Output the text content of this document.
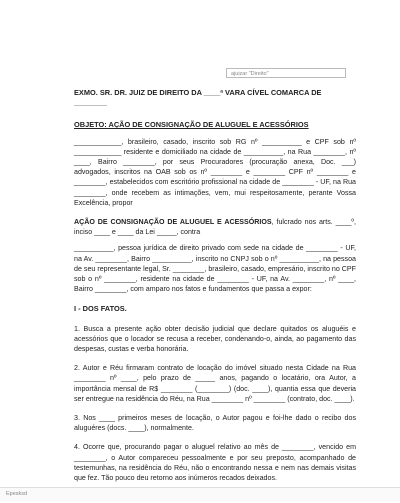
ajuizar "Direito"

EXMO. SR. DR. JUIZ DE DIREITO DA ____ª VARA CÍVEL COMARCA DE ________

OBJETO: AÇÃO DE CONSIGNAÇÃO DE ALUGUEL E ACESSÓRIOS

____________, brasileiro, casado, inscrito sob RG nº __________ e CPF sob nº ____________ residente e domiciliado na cidade de __________, na Rua ________, nº ____, Bairro ________, por seus Procuradores (procuração anexa, Doc. ___) advogados, inscritos na OAB sob os nº ________ e ________ CPF nº ________ e ________, estabelecidos com escritório profissional na cidade de ________ - UF, na Rua ________, onde recebem as intimações, vem, mui respeitosamente, perante Vossa Excelência, propor

AÇÃO DE CONSIGNAÇÃO DE ALUGUEL E ACESSÓRIOS, fulcrado nos arts. ____º, inciso ____ e ____ da Lei _____, contra

__________, pessoa jurídica de direito privado com sede na cidade de ________ - UF, na Av. ________, Bairro __________, inscrito no CNPJ sob o nº __________, na pessoa de seu representante legal, Sr. ________, brasileiro, casado, empresário, inscrito no CPF sob o nº ________, residente na cidade de ________ - UF, na Av. ________, nº ____, Bairro ________, com amparo nos fatos e fundamentos que passa a expor:

I - DOS FATOS.

1. Busca a presente ação obter decisão judicial que declare quitados os aluguéis e acessórios que o locador se recusa a receber, condenando-o, ainda, ao pagamento das despesas, custas e verba honorária.

2. Autor e Réu firmaram contrato de locação do imóvel situado nesta Cidade na Rua ________ nº ____, pelo prazo de _____ anos, pagando o locatário, ora Autor, a importância mensal de R$ ________ (________) (doc. ____), quantia essa que deveria ser entregue na residência do Réu, na Rua ________ nº ________ (contrato, doc. ____).

3. Nos ____ primeiros meses de locação, o Autor pagou e foi-lhe dado o recibo dos aluguéres (docs. ____), normalmente.

4. Ocorre que, procurando pagar o aluguel relativo ao mês de ________, vencido em ________, o Autor compareceu pessoalmente e por seu preposto, acompanhado de testemunhas, na residência do Réu, não o encontrando nessa e nem nas demais visitas que fez. Tão pouco deu retorno aos inúmeros recados deixados.

Epesksd
